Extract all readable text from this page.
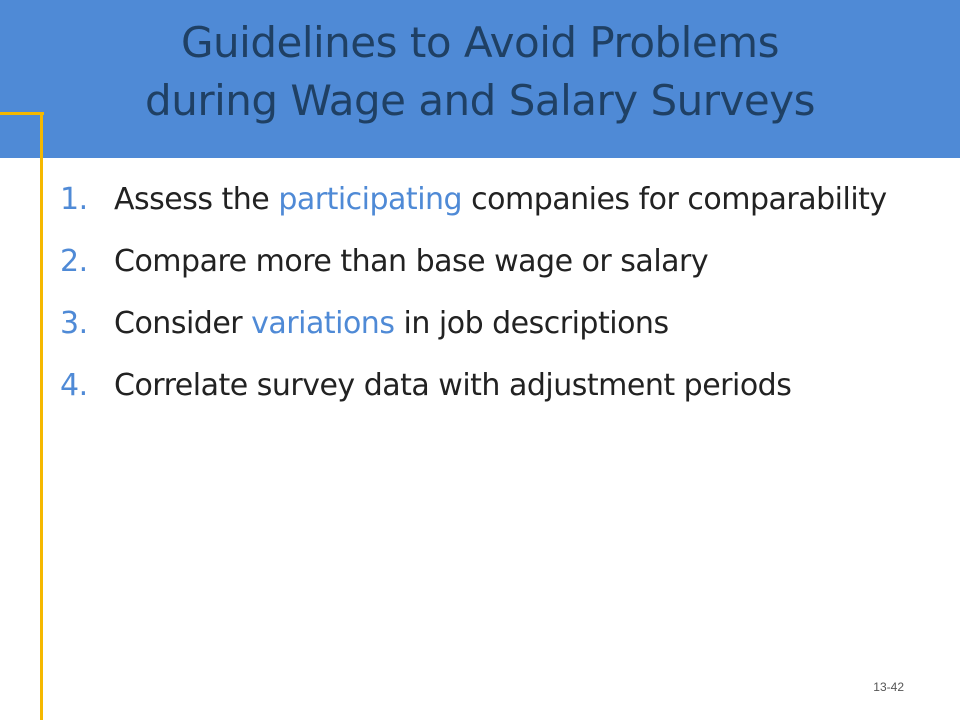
Guidelines to Avoid Problems
during Wage and Salary Surveys
1. Assess the participating companies for comparability
2. Compare more than base wage or salary
3. Consider variations in job descriptions
4. Correlate survey data with adjustment periods
13-42
